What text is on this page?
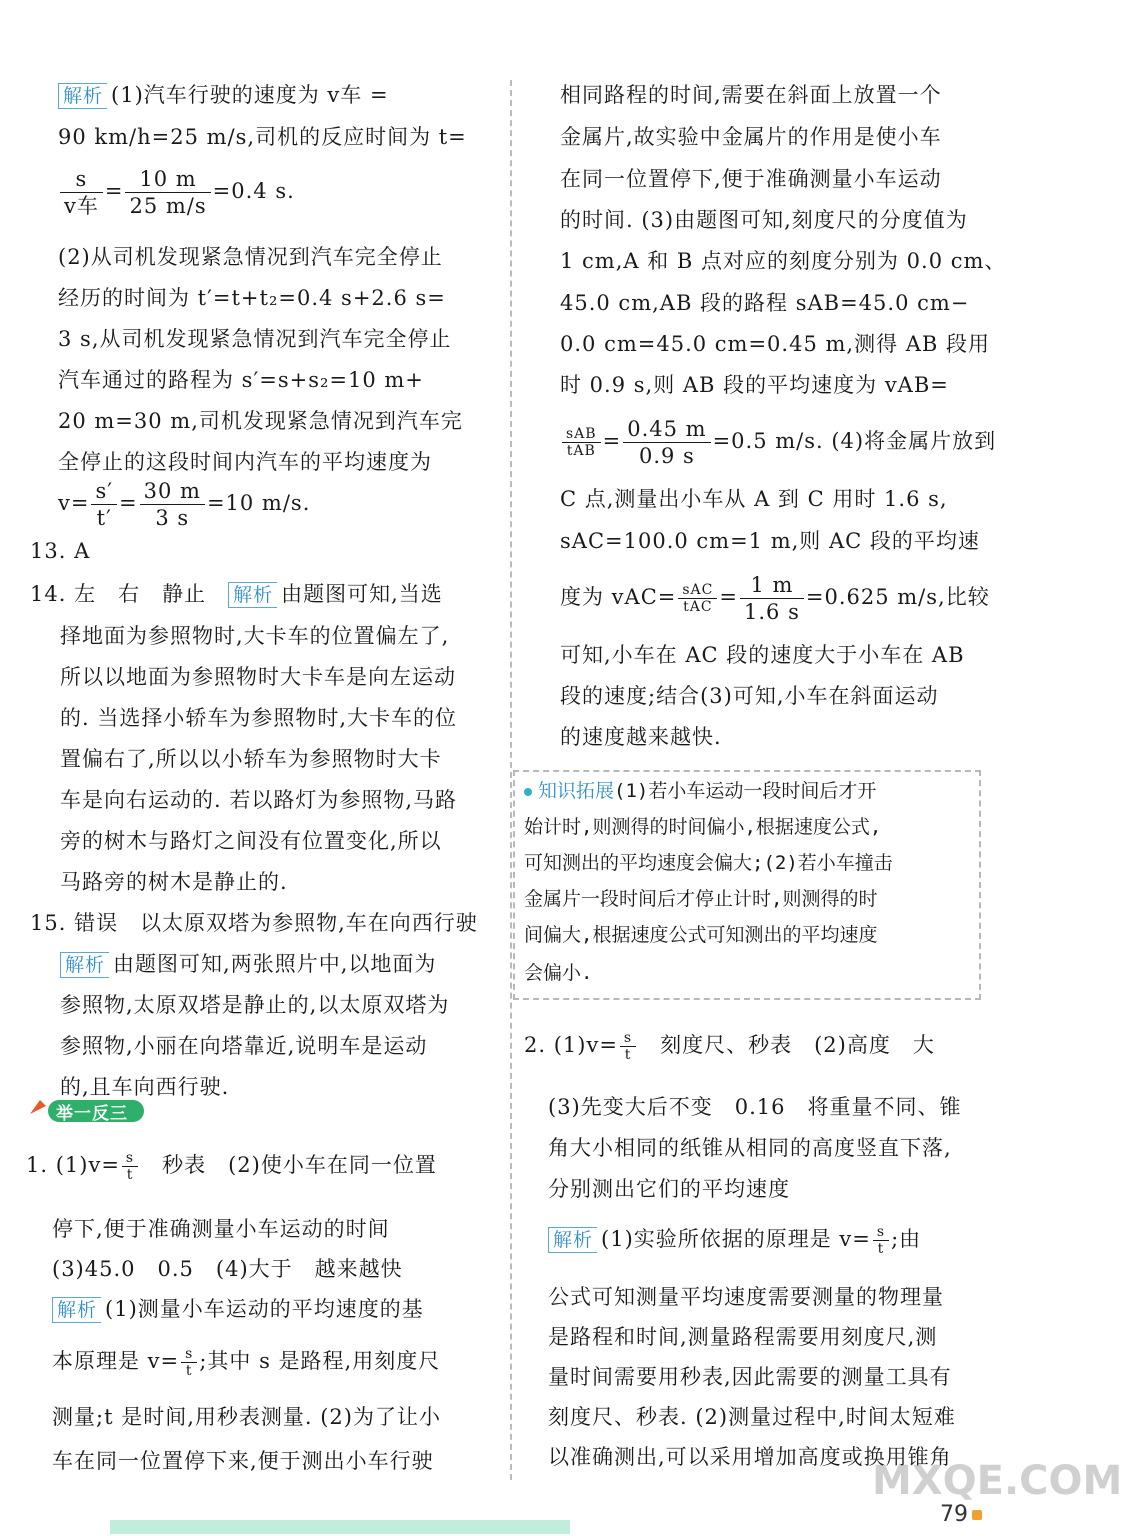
解析 (1)汽车行驶的速度为 v车 =
90 km/h=25 m/s,司机的反应时间为 t=
$\frac{s}{\text{v车}} = \frac{10 m}{25 m/s} =0.4$ s.
(2)从司机发现紧急情况到汽车完全停止
经历的时间为 t′=t+t₂=0.4 s+2.6 s=
3 s,从司机发现紧急情况到汽车完全停止
汽车通过的路程为 s′=s+s₂=10 m+
20 m=30 m,司机发现紧急情况到汽车完
全停止的这段时间内汽车的平均速度为
$v= \frac{s'}{t'} = \frac{30 m}{3 s} =10$ m/s.
13. A
14. 左　右　静止　 解析 由题图可知,当选
择地面为参照物时,大卡车的位置偏左了,
所以以地面为参照物时大卡车是向左运动
的. 当选择小轿车为参照物时,大卡车的位
置偏右了,所以以小轿车为参照物时大卡
车是向右运动的. 若以路灯为参照物,马路
旁的树木与路灯之间没有位置变化,所以
马路旁的树木是静止的.
15. 错误　以太原双塔为参照物,车在向西行驶
解析 由题图可知,两张照片中,以地面为
参照物,太原双塔是静止的,以太原双塔为
参照物,小丽在向塔靠近,说明车是运动
的,且车向西行驶.
举一反三
1. $(1)v= \frac{s}{t}$ 　秒表　(2)使小车在同一位置
停下,便于准确测量小车运动的时间
(3)45.0　0.5　(4)大于　越来越快
解析 (1)测量小车运动的平均速度的基
本原理是 $v= \frac{s}{t}$ ;其中 s 是路程,用刻度尺
测量;t 是时间,用秒表测量. (2)为了让小
车在同一位置停下来,便于测出小车行驶
相同路程的时间,需要在斜面上放置一个
金属片,故实验中金属片的作用是使小车
在同一位置停下,便于准确测量小车运动
的时间. (3)由题图可知,刻度尺的分度值为
1 cm,A 和 B 点对应的刻度分别为 0.0 cm、
45.0 cm,AB 段的路程 sAB=45.0 cm−
0.0 cm=45.0 cm=0.45 m,测得 AB 段用
时 0.9 s,则 AB 段的平均速度为 vAB=
$\frac{\text{sAB}}{\text{tAB}} = \frac{0.45 m}{0.9 s} =0.5$ m/s. (4)将金属片放到
C 点,测量出小车从 A 到 C 用时 1.6 s,
sAC=100.0 cm=1 m,则 AC 段的平均速
度为 $vAC= \frac{\text{sAC}}{\text{tAC}} = \frac{1 m}{1.6 s} =0.625$ m/s,比较
可知,小车在 AC 段的速度大于小车在 AB
段的速度;结合(3)可知,小车在斜面运动
的速度越来越快.
知识拓展(1)若小车运动一段时间后才开
始计时,则测得的时间偏小,根据速度公式,
可知测出的平均速度会偏大;(2)若小车撞击
金属片一段时间后才停止计时,则测得的时
间偏大,根据速度公式可知测出的平均速度
会偏小.
2. $(1)v= \frac{s}{t}$ 　刻度尺、秒表　(2)高度　大
(3)先变大后不变　0.16　将重量不同、锥
角大小相同的纸锥从相同的高度竖直下落,
分别测出它们的平均速度
解析 (1)实验所依据的原理是 $v= \frac{s}{t}$ ;由
公式可知测量平均速度需要测量的物理量
是路程和时间,测量路程需要用刻度尺,测
量时间需要用秒表,因此需要的测量工具有
刻度尺、秒表. (2)测量过程中,时间太短难
以准确测出,可以采用增加高度或换用锥角
MXQE.COM
79
